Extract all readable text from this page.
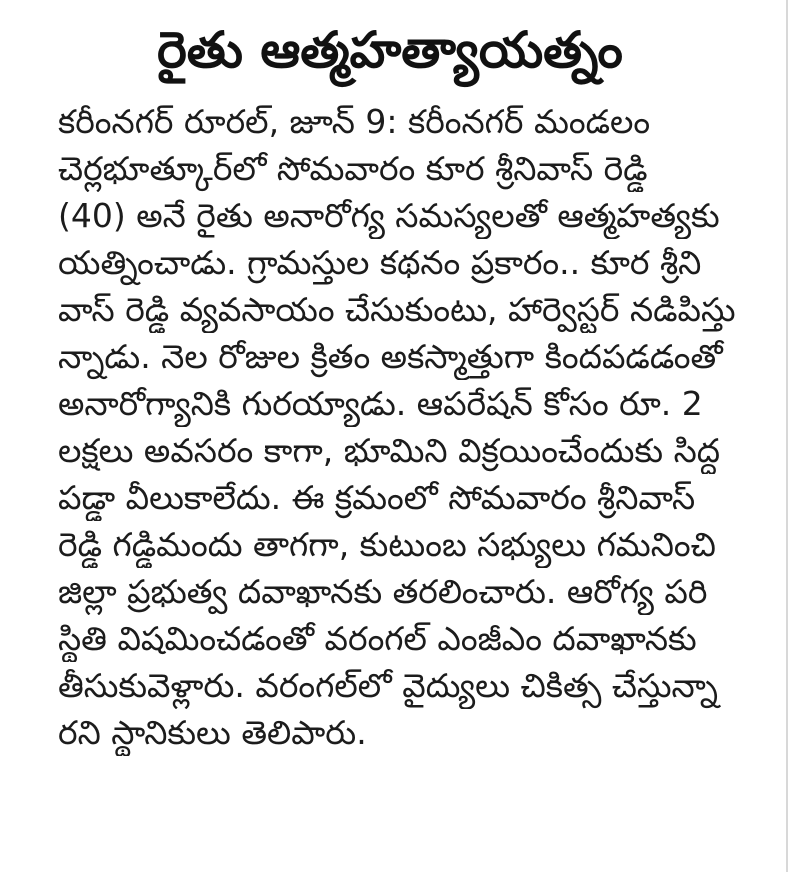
రైతు ఆత్మహత్యాయత్నం
కరీంనగర్ రూరల్, జూన్ 9: కరీంనగర్ మండలం
చెర్లభూత్కూర్‌లో సోమవారం కూర శ్రీనివాస్ రెడ్డి
(40) అనే రైతు అనారోగ్య సమస్యలతో ఆత్మహత్యకు
యత్నించాడు. గ్రామస్తుల కథనం ప్రకారం.. కూర శ్రీని
వాస్ రెడ్డి వ్యవసాయం చేసుకుంటు, హార్వెస్టర్ నడిపిస్తు
న్నాడు. నెల రోజుల క్రితం అకస్మాత్తుగా కిందపడడంతో
అనారోగ్యానికి గురయ్యాడు. ఆపరేషన్ కోసం రూ. 2
లక్షలు అవసరం కాగా, భూమిని విక్రయించేందుకు సిద్ధ
పడ్డా వీలుకాలేదు. ఈ క్రమంలో సోమవారం శ్రీనివాస్
రెడ్డి గడ్డిమందు తాగగా, కుటుంబ సభ్యులు గమనించి
జిల్లా ప్రభుత్వ దవాఖానకు తరలించారు. ఆరోగ్య పరి
స్థితి విషమించడంతో వరంగల్ ఎంజీఎం దవాఖానకు
తీసుకువెళ్లారు. వరంగల్‌లో వైద్యులు చికిత్స చేస్తున్నా
రని స్థానికులు తెలిపారు.
